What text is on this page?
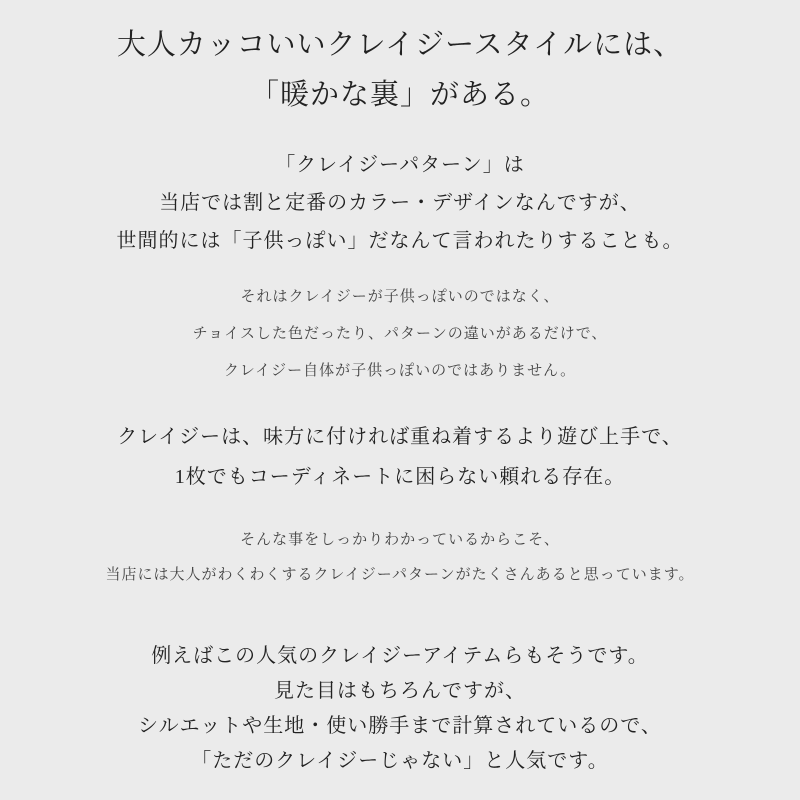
大人カッコいいクレイジースタイルには、
「暖かな裏」がある。

「クレイジーパターン」は
当店では割と定番のカラー・デザインなんですが、
世間的には「子供っぽい」だなんて言われたりすることも。

それはクレイジーが子供っぽいのではなく、
チョイスした色だったり、パターンの違いがあるだけで、
クレイジー自体が子供っぽいのではありません。

クレイジーは、味方に付ければ重ね着するより遊び上手で、
1枚でもコーディネートに困らない頼れる存在。

そんな事をしっかりわかっているからこそ、
当店には大人がわくわくするクレイジーパターンがたくさんあると思っています。

例えばこの人気のクレイジーアイテムらもそうです。
見た目はもちろんですが、
シルエットや生地・使い勝手まで計算されているので、
「ただのクレイジーじゃない」と人気です。
